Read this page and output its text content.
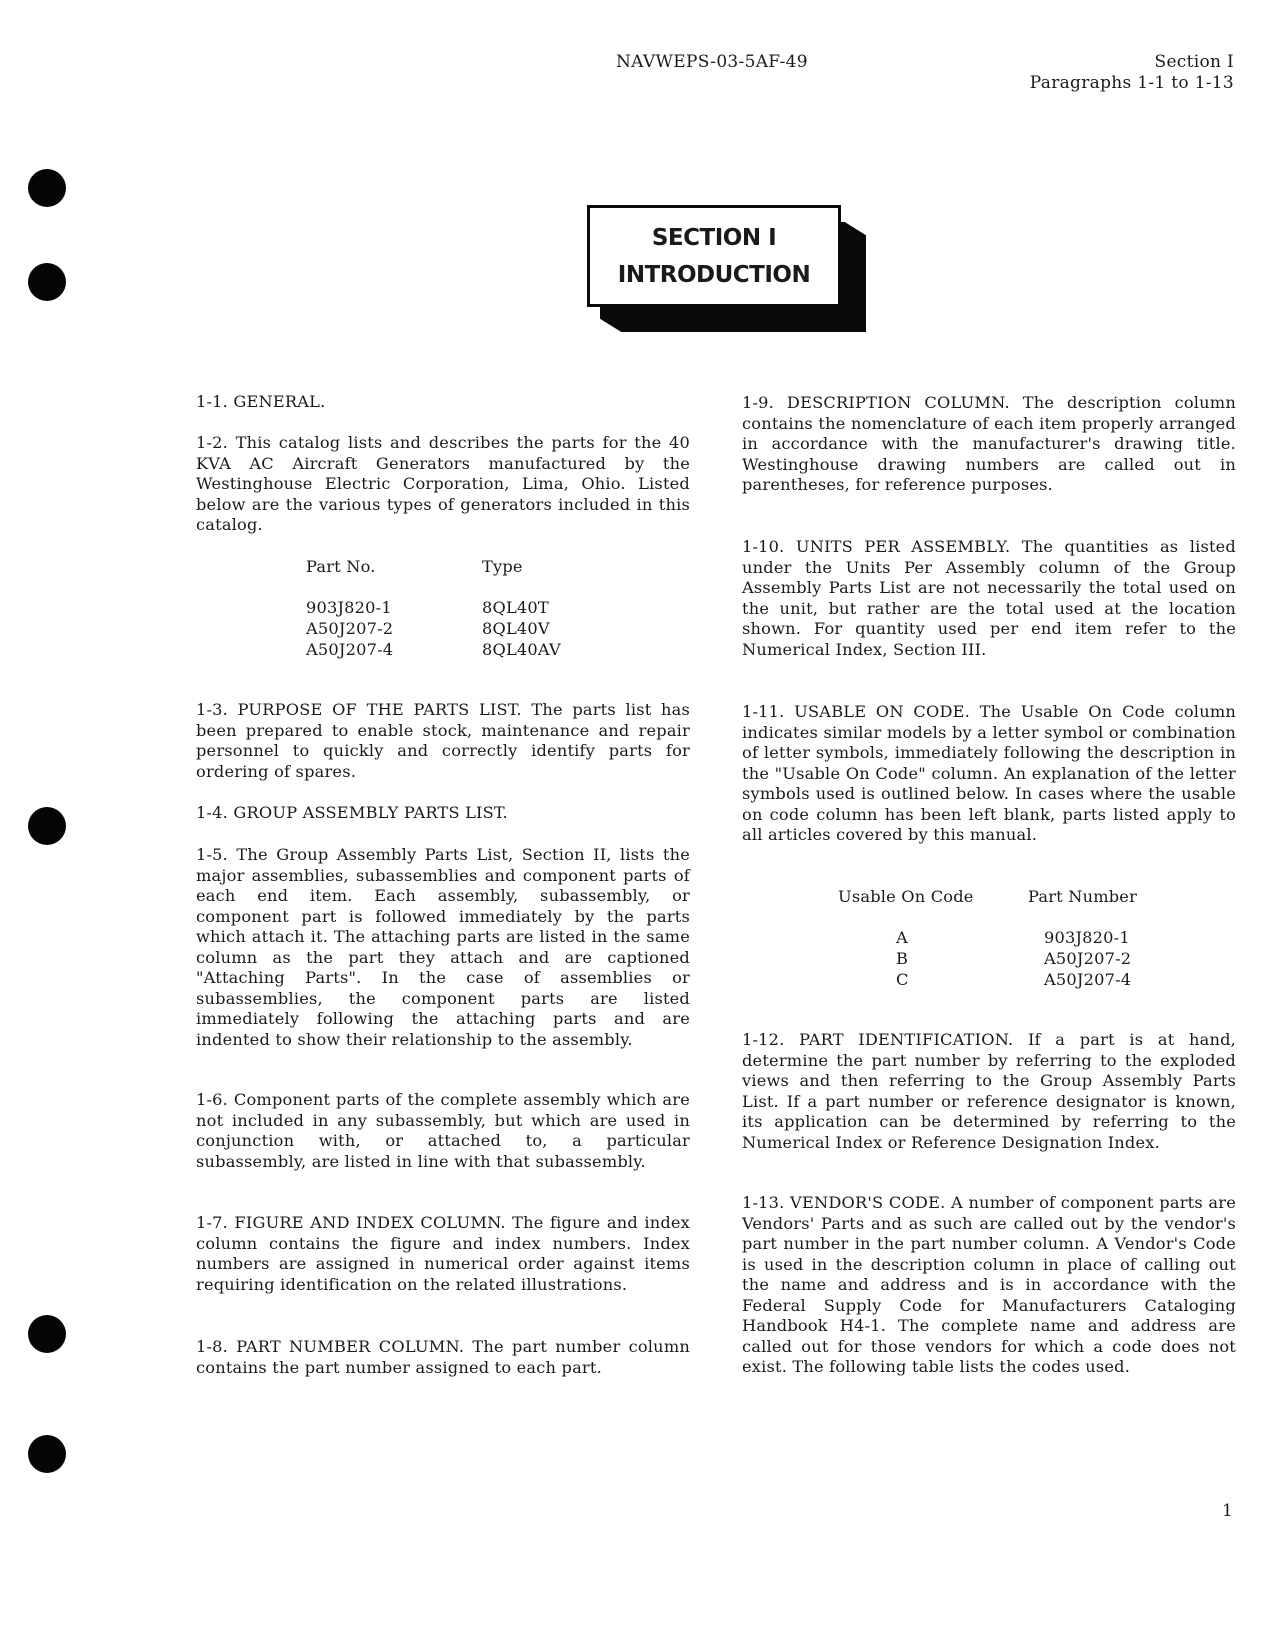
NAVWEPS-03-5AF-49	Section I
Paragraphs 1-1 to 1-13
SECTION I
INTRODUCTION
1-1. GENERAL.
1-2. This catalog lists and describes the parts for the 40 KVA AC Aircraft Generators manufactured by the Westinghouse Electric Corporation, Lima, Ohio. Listed below are the various types of generators included in this catalog.
Part No.	Type
903J820-1	8QL40T
A50J207-2	8QL40V
A50J207-4	8QL40AV
1-3. PURPOSE OF THE PARTS LIST. The parts list has been prepared to enable stock, maintenance and repair personnel to quickly and correctly identify parts for ordering of spares.
1-4. GROUP ASSEMBLY PARTS LIST.
1-5. The Group Assembly Parts List, Section II, lists the major assemblies, subassemblies and component parts of each end item. Each assembly, subassembly, or component part is followed immediately by the parts which attach it. The attaching parts are listed in the same column as the part they attach and are captioned "Attaching Parts". In the case of assemblies or subassemblies, the component parts are listed immediately following the attaching parts and are indented to show their relationship to the assembly.
1-6. Component parts of the complete assembly which are not included in any subassembly, but which are used in conjunction with, or attached to, a particular subassembly, are listed in line with that subassembly.
1-7. FIGURE AND INDEX COLUMN. The figure and index column contains the figure and index numbers. Index numbers are assigned in numerical order against items requiring identification on the related illustrations.
1-8. PART NUMBER COLUMN. The part number column contains the part number assigned to each part.
1-9. DESCRIPTION COLUMN. The description column contains the nomenclature of each item properly arranged in accordance with the manufacturer's drawing title. Westinghouse drawing numbers are called out in parentheses, for reference purposes.
1-10. UNITS PER ASSEMBLY. The quantities as listed under the Units Per Assembly column of the Group Assembly Parts List are not necessarily the total used on the unit, but rather are the total used at the location shown. For quantity used per end item refer to the Numerical Index, Section III.
1-11. USABLE ON CODE. The Usable On Code column indicates similar models by a letter symbol or combination of letter symbols, immediately following the description in the "Usable On Code" column. An explanation of the letter symbols used is outlined below. In cases where the usable on code column has been left blank, parts listed apply to all articles covered by this manual.
Usable On Code	Part Number
A	903J820-1
B	A50J207-2
C	A50J207-4
1-12. PART IDENTIFICATION. If a part is at hand, determine the part number by referring to the exploded views and then referring to the Group Assembly Parts List. If a part number or reference designator is known, its application can be determined by referring to the Numerical Index or Reference Designation Index.
1-13. VENDOR'S CODE. A number of component parts are Vendors' Parts and as such are called out by the vendor's part number in the part number column. A Vendor's Code is used in the description column in place of calling out the name and address and is in accordance with the Federal Supply Code for Manufacturers Cataloging Handbook H4-1. The complete name and address are called out for those vendors for which a code does not exist. The following table lists the codes used.
1
